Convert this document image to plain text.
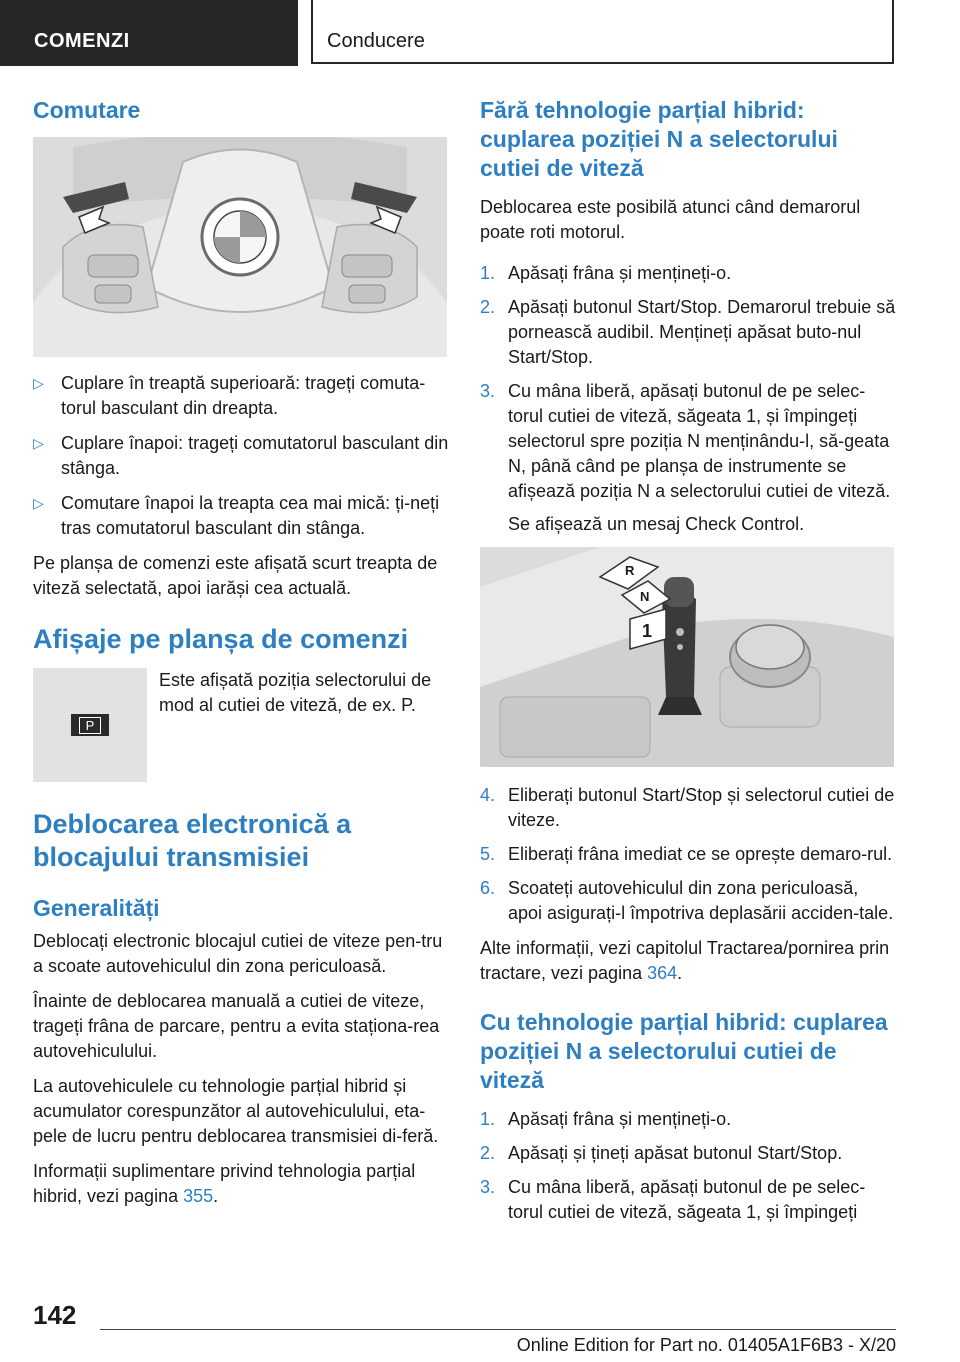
COMENZI	Conducere
Comutare
▷ Cuplare în treaptă superioară: trageți comuta-torul basculant din dreapta.
▷ Cuplare înapoi: trageți comutatorul basculant din stânga.
▷ Comutare înapoi la treapta cea mai mică: ți-neți tras comutatorul basculant din stânga.

Pe planșa de comenzi este afișată scurt treapta de viteză selectată, apoi iarăși cea actuală.

Afișaje pe planșa de comenzi
P

Este afișată poziția selectorului de mod al cutiei de viteză, de ex. P.

Deblocarea electronică a blocajului transmisiei
Generalități

Deblocați electronic blocajul cutiei de viteze pen-tru a scoate autovehiculul din zona periculoasă.

Înainte de deblocarea manuală a cutiei de viteze, trageți frâna de parcare, pentru a evita staționa-rea autovehiculului.

La autovehiculele cu tehnologie parțial hibrid și acumulator corespunzător al autovehiculului, eta-pele de lucru pentru deblocarea transmisiei di-feră.

Informații suplimentare privind tehnologia parțial hibrid, vezi pagina 355.

Fără tehnologie parțial hibrid: cuplarea poziției N a selectorului cutiei de viteză

Deblocarea este posibilă atunci când demarorul poate roti motorul.

1. Apăsați frâna și mențineți-o.
2. Apăsați butonul Start/Stop. Demarorul trebuie să pornească audibil. Mențineți apăsat buto-nul Start/Stop.
3. Cu mâna liberă, apăsați butonul de pe selec-torul cutiei de viteză, săgeata 1, și împingeți selectorul spre poziția N menținându-l, să-geata N, până când pe planșa de instrumente se afișează poziția N a selectorului cutiei de viteză.
Se afișează un mesaj Check Control.
R
N
1
4. Eliberați butonul Start/Stop și selectorul cutiei de viteze.
5. Eliberați frâna imediat ce se oprește demaro-rul.
6. Scoateți autovehiculul din zona periculoasă, apoi asigurați-l împotriva deplasării acciden-tale.

Alte informații, vezi capitolul Tractarea/pornirea prin tractare, vezi pagina 364.

Cu tehnologie parțial hibrid: cuplarea poziției N a selectorului cutiei de viteză
1. Apăsați frâna și mențineți-o.
2. Apăsați și țineți apăsat butonul Start/Stop.
3. Cu mâna liberă, apăsați butonul de pe selec-torul cutiei de viteză, săgeata 1, și împingeți
142
Online Edition for Part no. 01405A1F6B3 - X/20
